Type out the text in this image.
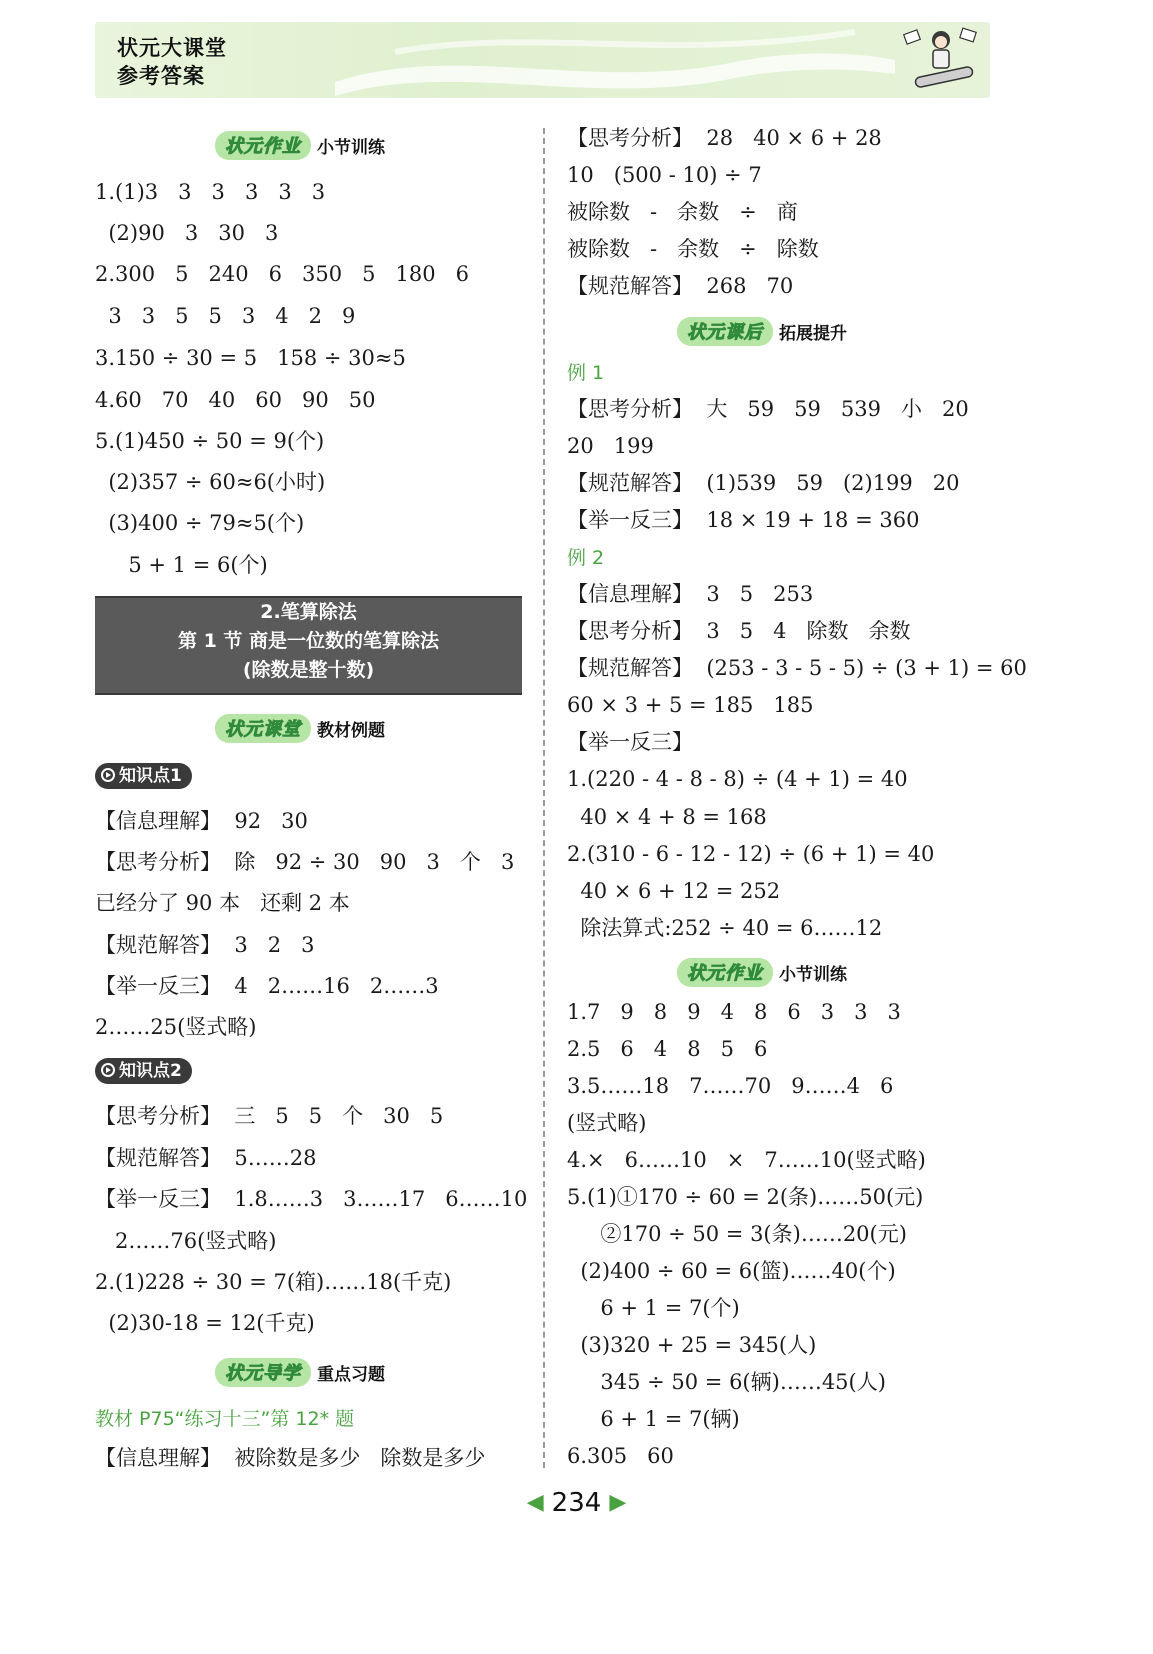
状元大课堂
参考答案
状元作业 小节训练
1.(1)3   3   3   3   3   3
(2)90   3   30   3
2.300   5   240   6   350   5   180   6
3   3   5   5   3   4   2   9
3.150 ÷ 30 = 5   158 ÷ 30≈5
4.60   70   40   60   90   50
5.(1)450 ÷ 50 = 9(个)
(2)357 ÷ 60≈6(小时)
(3)400 ÷ 79≈5(个)
5 + 1 = 6(个)
状元课堂 教材例题
知识点1
【信息理解】  92   30
【思考分析】  除   92 ÷ 30   90   3   个   3
已经分了 90 本   还剩 2 本
【规范解答】  3   2   3
【举一反三】  4   2……16   2……3
2……25(竖式略)
知识点2
【思考分析】  三   5   5   个   30   5
【规范解答】  5……28
【举一反三】  1.8……3   3……17   6……10
2……76(竖式略)
2.(1)228 ÷ 30 = 7(箱)……18(千克)
(2)30-18 = 12(千克)
状元导学 重点习题
教材 P75“练习十三”第 12* 题
【信息理解】  被除数是多少   除数是多少
2.笔算除法
第 1 节 商是一位数的笔算除法
(除数是整十数)
【思考分析】  28   40 × 6 + 28
10   (500 - 10) ÷ 7
被除数   -   余数   ÷   商
被除数   -   余数   ÷   除数
【规范解答】  268   70
状元课后 拓展提升
例 1
【思考分析】  大   59   59   539   小   20
20   199
【规范解答】  (1)539   59   (2)199   20
【举一反三】  18 × 19 + 18 = 360
例 2
【信息理解】  3   5   253
【思考分析】  3   5   4   除数   余数
【规范解答】  (253 - 3 - 5 - 5) ÷ (3 + 1) = 60
60 × 3 + 5 = 185   185
【举一反三】
1.(220 - 4 - 8 - 8) ÷ (4 + 1) = 40
40 × 4 + 8 = 168
2.(310 - 6 - 12 - 12) ÷ (6 + 1) = 40
40 × 6 + 12 = 252
除法算式:252 ÷ 40 = 6……12
状元作业 小节训练
1.7   9   8   9   4   8   6   3   3   3
2.5   6   4   8   5   6
3.5……18   7……70   9……4   6
(竖式略)
4.×   6……10   ×   7……10(竖式略)
5.(1)①170 ÷ 60 = 2(条)……50(元)
②170 ÷ 50 = 3(条)……20(元)
(2)400 ÷ 60 = 6(篮)……40(个)
6 + 1 = 7(个)
(3)320 + 25 = 345(人)
345 ÷ 50 = 6(辆)……45(人)
6 + 1 = 7(辆)
6.305   60
◀ 234 ▶
